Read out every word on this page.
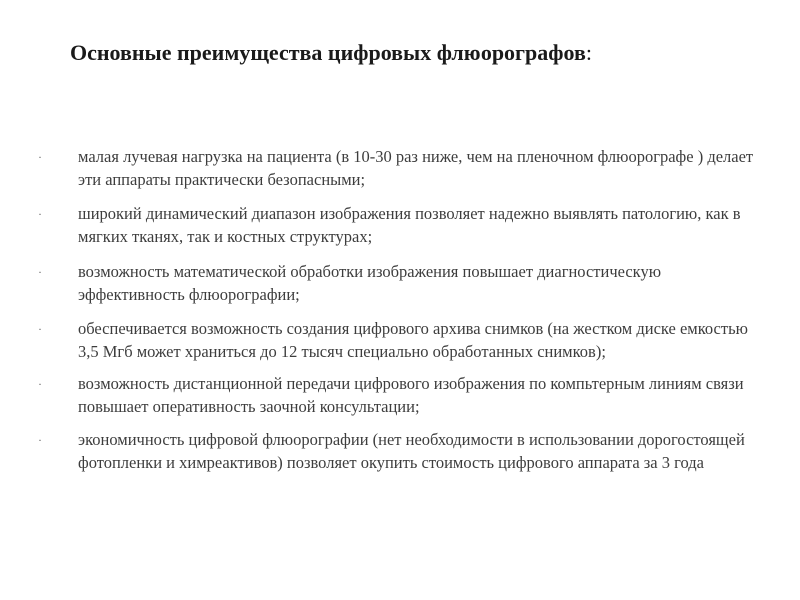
Основные преимущества цифровых флюорографов:
· малая лучевая нагрузка на пациента (в 10-30 раз ниже, чем на пленочном флюорографе ) делает эти аппараты практически безопасными;
· широкий динамический диапазон изображения позволяет надежно выявлять патологию, как в мягких тканях, так и костных структурах;
· возможность математической обработки изображения повышает диагностическую эффективность флюорографии;
· обеспечивается возможность создания цифрового архива снимков (на жестком диске емкостью 3,5 Мгб может храниться до 12 тысяч специально обработанных снимков);
· возможность дистанционной передачи цифрового изображения по компьтерным линиям связи повышает оперативность заочной консультации;
· экономичность цифровой флюорографии (нет необходимости в использовании дорогостоящей фотопленки и химреактивов) позволяет окупить стоимость цифрового аппарата за 3 года
